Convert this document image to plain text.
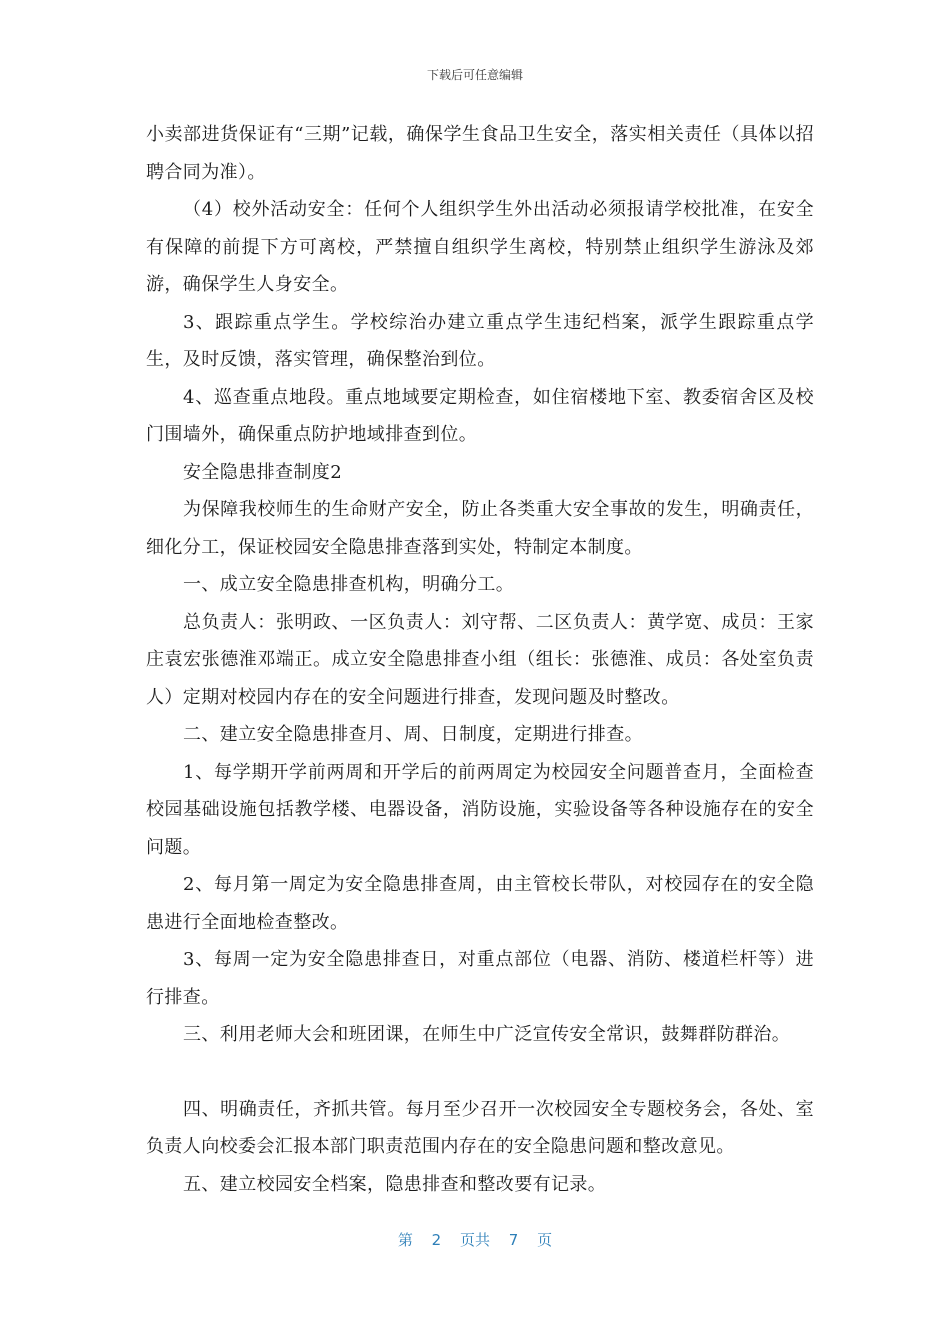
下载后可任意编辑

小卖部进货保证有“三期”记载，确保学生食品卫生安全，落实相关责任（具体以招聘合同为准）。

（4）校外活动安全：任何个人组织学生外出活动必须报请学校批准，在安全有保障的前提下方可离校，严禁擅自组织学生离校，特别禁止组织学生游泳及郊游，确保学生人身安全。

3、跟踪重点学生。学校综治办建立重点学生违纪档案，派学生跟踪重点学生，及时反馈，落实管理，确保整治到位。

4、巡查重点地段。重点地域要定期检查，如住宿楼地下室、教委宿舍区及校门围墙外，确保重点防护地域排查到位。

安全隐患排查制度2

为保障我校师生的生命财产安全，防止各类重大安全事故的发生，明确责任，细化分工，保证校园安全隐患排查落到实处，特制定本制度。

一、成立安全隐患排查机构，明确分工。

总负责人：张明政、一区负责人：刘守帮、二区负责人：黄学宽、成员：王家庄袁宏张德淮邓端正。成立安全隐患排查小组（组长：张德淮、成员：各处室负责人）定期对校园内存在的安全问题进行排查，发现问题及时整改。

二、建立安全隐患排查月、周、日制度，定期进行排查。

1、每学期开学前两周和开学后的前两周定为校园安全问题普查月，全面检查校园基础设施包括教学楼、电器设备，消防设施，实验设备等各种设施存在的安全问题。

2、每月第一周定为安全隐患排查周，由主管校长带队，对校园存在的安全隐患进行全面地检查整改。

3、每周一定为安全隐患排查日，对重点部位（电器、消防、楼道栏杆等）进行排查。

三、利用老师大会和班团课，在师生中广泛宣传安全常识，鼓舞群防群治。

四、明确责任，齐抓共管。每月至少召开一次校园安全专题校务会，各处、室负责人向校委会汇报本部门职责范围内存在的安全隐患问题和整改意见。

五、建立校园安全档案，隐患排查和整改要有记录。

第 2 页共 7 页
